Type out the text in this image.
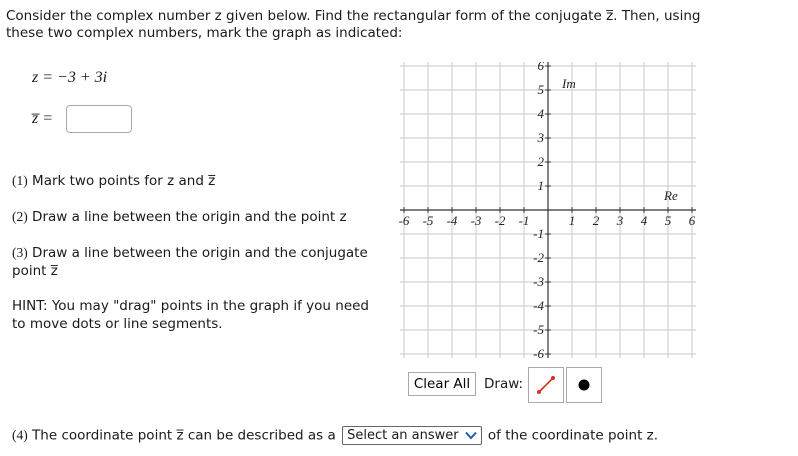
Consider the complex number z given below. Find the rectangular form of the conjugate z̅. Then, using these two complex numbers, mark the graph as indicated:
z = −3 + 3i
z̅ =
(1) Mark two points for z and z̅
(2) Draw a line between the origin and the point z
(3) Draw a line between the origin and the conjugate point z̅
HINT: You may "drag" points in the graph if you need to move dots or line segments.
-6 -5 -4 -3 -2 -1	1 2 3 4 5 6
6
5
4
3
2
1
-1
-2
-3
-4
-5
-6
Re
Im
Clear All	Draw:
(4) The coordinate point z̅ can be described as a Select an answer of the coordinate point z.
